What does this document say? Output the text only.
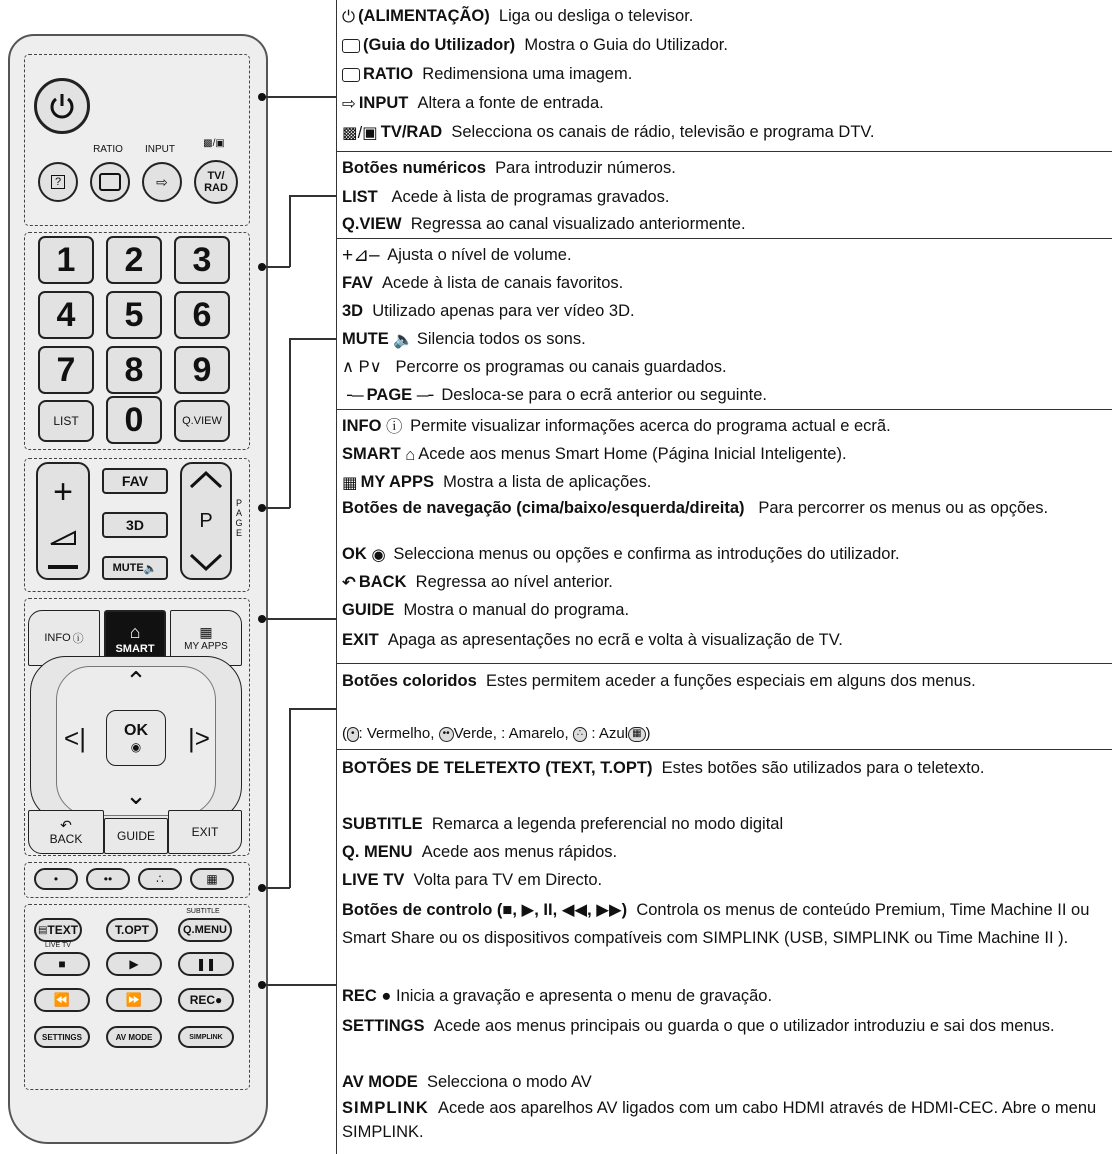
RATIO	INPUT
▩/▣
?	⇨	TV/
RAD
1	2	3
4	5	6
7	8	9
LIST	0	Q.VIEW
+	FAV
3D
MUTE 🔈
P
PAGE
INFO ⓘ	⌂
SMART
▦
MY APPS
⌃
<|	|>
⌄
OK
◉
↶
BACK	GUIDE	EXIT
•	••	∴	▦
SUBTITLE
▤ TEXT	T.OPT	Q.MENU
LIVE TV
■	▶	❚❚
⏪	⏩	REC ●
SETTINGS	AV MODE	SIMPLINK
⏻ (ALIMENTAÇÃO) Liga ou desliga o televisor.
(Guia do Utilizador) Mostra o Guia do Utilizador.
RATIO Redimensiona uma imagem.
⇨ INPUT Altera a fonte de entrada.
▩/▣ TV/RAD Selecciona os canais de rádio, televisão e programa DTV.
Botões numéricos Para introduzir números.
LIST Acede à lista de programas gravados.
Q.VIEW Regressa ao canal visualizado anteriormente.
+⊿– Ajusta o nível de volume.
FAV Acede à lista de canais favoritos.
3D Utilizado apenas para ver vídeo 3D.
MUTE 🔈 Silencia todos os sons.
∧ P∨ Percorre os programas ou canais guardados.
╶─ PAGE ─╴ Desloca-se para o ecrã anterior ou seguinte.
INFO ⓘ Permite visualizar informações acerca do programa actual e ecrã.
SMART ⌂ Acede aos menus Smart Home (Página Inicial Inteligente).
▦ MY APPS Mostra a lista de aplicações.
Botões de navegação (cima/baixo/esquerda/direita) Para percorrer os menus ou as opções.
OK ◉ Selecciona menus ou opções e confirma as introduções do utilizador.
↶ BACK Regressa ao nível anterior.
GUIDE Mostra o manual do programa.
EXIT Apaga as apresentações no ecrã e volta à visualização de TV.
Botões coloridos Estes permitem aceder a funções especiais em alguns dos menus.
( • : Vermelho, •• Verde, : Amarelo, ∴ : Azul ▦ )
BOTÕES DE TELETEXTO (TEXT, T.OPT) Estes botões são utilizados para o teletexto.
SUBTITLE Remarca a legenda preferencial no modo digital
Q. MENU Acede aos menus rápidos.
LIVE TV Volta para TV em Directo.
Botões de controlo (■, ▶, II, ◀◀, ▶▶) Controla os menus de conteúdo Premium, Time Machine II ou Smart Share ou os dispositivos compatíveis com SIMPLINK (USB, SIMPLINK ou Time Machine II ).
REC ● Inicia a gravação e apresenta o menu de gravação.
SETTINGS Acede aos menus principais ou guarda o que o utilizador introduziu e sai dos menus.
AV MODE Selecciona o modo AV
SIMPLINK Acede aos aparelhos AV ligados com um cabo HDMI através de HDMI-CEC. Abre o menu SIMPLINK.
